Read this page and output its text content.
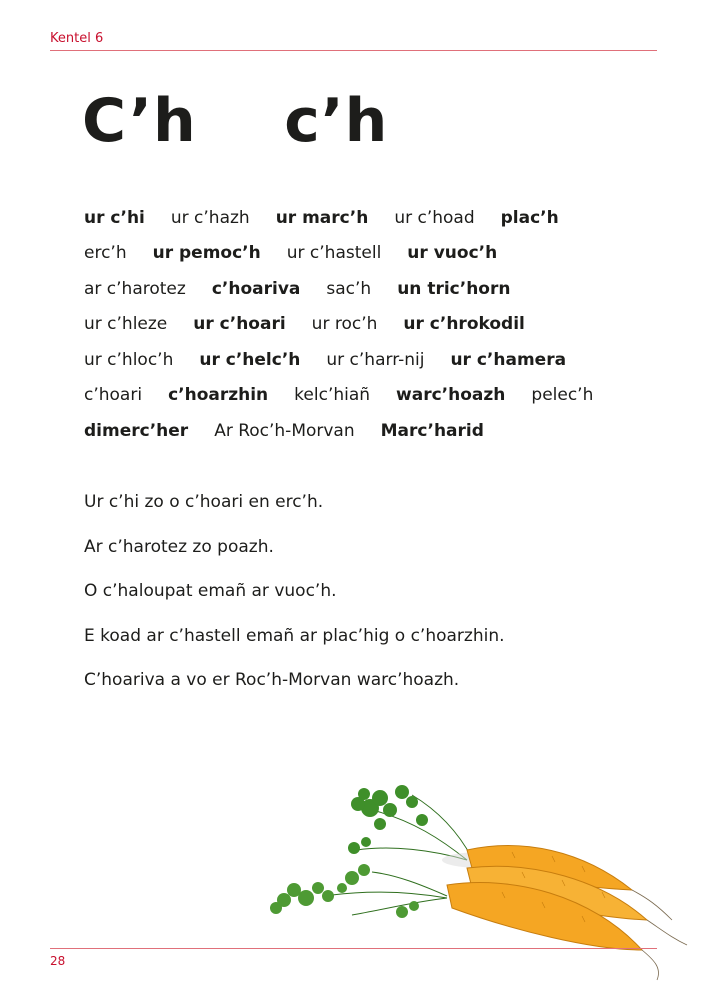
Kentel 6
C’h    c’h
ur c’hi ur c’hazh ur marc’h ur c’hoad plac’h
erc’h ur pemoc’h ur c’hastell ur vuoc’h
ar c’harotez c’hoariva sac’h un tric’horn
ur c’hleze ur c’hoari ur roc’h ur c’hrokodil
ur c’hloc’h ur c’helc’h ur c’harr-nij ur c’hamera
c’hoari c’hoarzhin kelc’hiañ warc’hoazh pelec’h
dimerc’her Ar Roc’h-Morvan Marc’harid

Ur c’hi zo o c’hoari en erc’h.

Ar c’harotez zo poazh.

O c’haloupat emañ ar vuoc’h.

E koad ar c’hastell emañ ar plac’hig o c’hoarzhin.

C’hoariva a vo er Roc’h-Morvan warc’hoazh.

28
